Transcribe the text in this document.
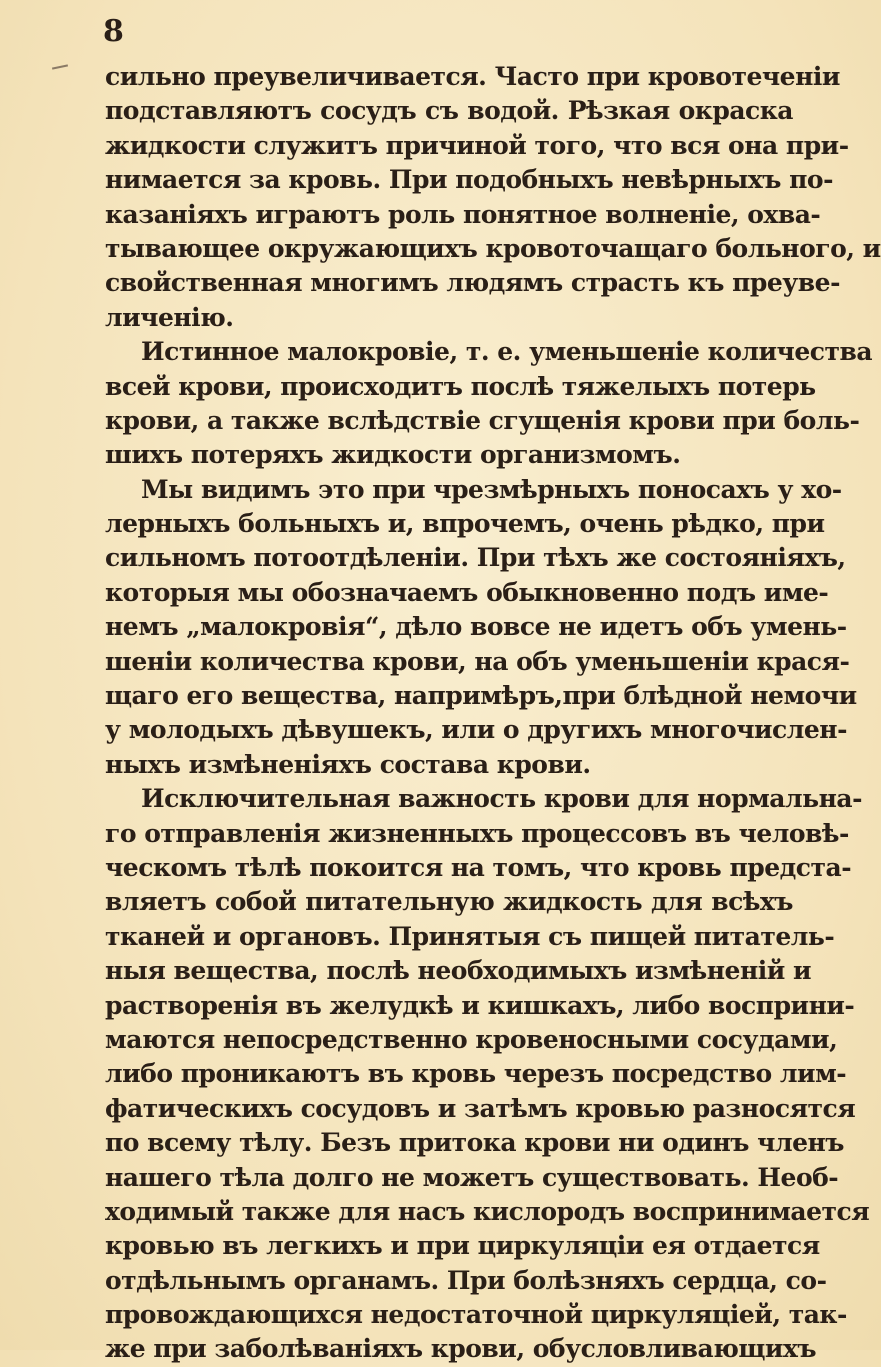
8
сильно преувеличивается. Часто при кровотеченіи
подставляютъ сосудъ съ водой. Рѣзкая окраска
жидкости служитъ причиной того, что вся она при-
нимается за кровь. При подобныхъ невѣрныхъ по-
казаніяхъ играютъ роль понятное волненіе, охва-
тывающее окружающихъ кровоточащаго больного, и
свойственная многимъ людямъ страсть къ преуве-
личенію.
Истинное малокровіе, т. е. уменьшеніе количества
всей крови, происходитъ послѣ тяжелыхъ потерь
крови, а также вслѣдствіе сгущенія крови при боль-
шихъ потеряхъ жидкости организмомъ.
Мы видимъ это при чрезмѣрныхъ поносахъ у хо-
лерныхъ больныхъ и, впрочемъ, очень рѣдко, при
сильномъ потоотдѣленіи. При тѣхъ же состояніяхъ,
которыя мы обозначаемъ обыкновенно подъ име-
немъ „малокровія“, дѣло вовсе не идетъ объ умень-
шеніи количества крови, на объ уменьшеніи крася-
щаго его вещества, напримѣръ,при блѣдной немочи
у молодыхъ дѣвушекъ, или о другихъ многочислен-
ныхъ измѣненіяхъ состава крови.
Исключительная важность крови для нормальна-
го отправленія жизненныхъ процессовъ въ человѣ-
ческомъ тѣлѣ покоится на томъ, что кровь предста-
вляетъ собой питательную жидкость для всѣхъ
тканей и органовъ. Принятыя съ пищей питатель-
ныя вещества, послѣ необходимыхъ измѣненій и
растворенія въ желудкѣ и кишкахъ, либо восприни-
маются непосредственно кровеносными сосудами,
либо проникаютъ въ кровь черезъ посредство лим-
фатическихъ сосудовъ и затѣмъ кровью разносятся
по всему тѣлу. Безъ притока крови ни одинъ членъ
нашего тѣла долго не можетъ существовать. Необ-
ходимый также для насъ кислородъ воспринимается
кровью въ легкихъ и при циркуляціи ея отдается
отдѣльнымъ органамъ. При болѣзняхъ сердца, со-
провождающихся недостаточной циркуляціей, так-
же при заболѣваніяхъ крови, обусловливающихъ
